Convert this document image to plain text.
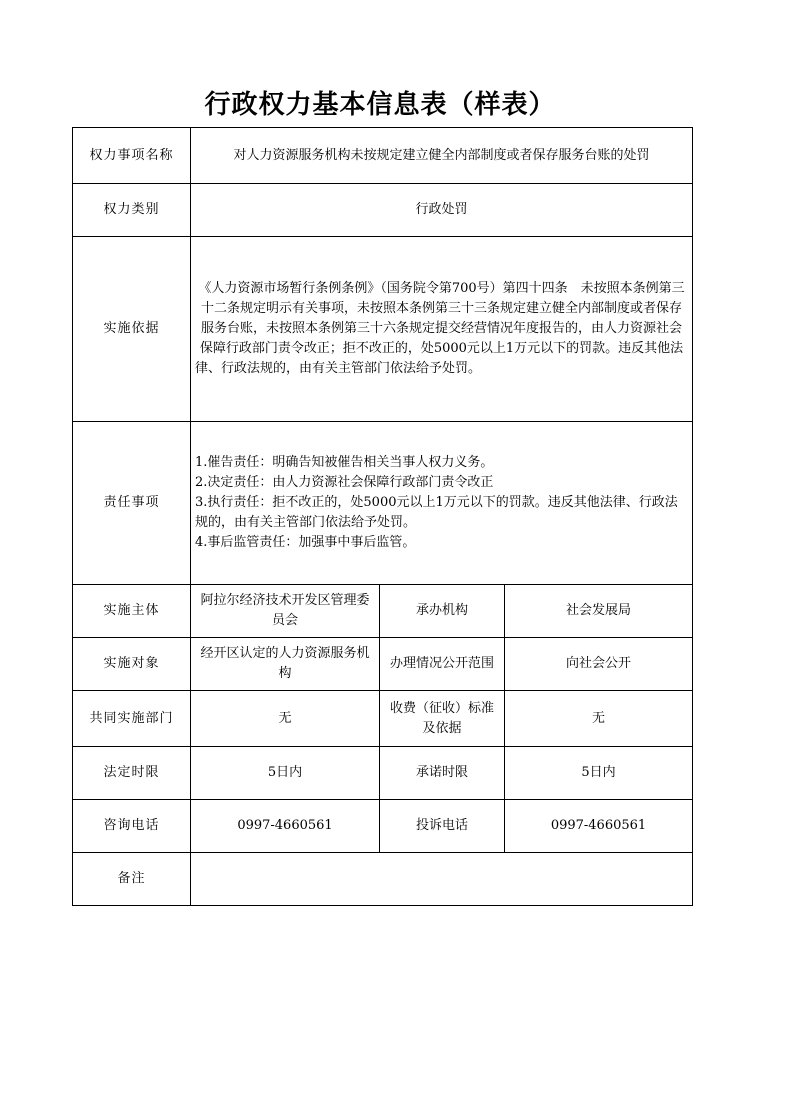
行政权力基本信息表（样表）
权力事项名称	对人力资源服务机构未按规定建立健全内部制度或者保存服务台账的处罚		
权力类别	行政处罚		
实施依据	《人力资源市场暂行条例条例》（国务院令第700号）第四十四条　未按照本条例第三十二条规定明示有关事项，未按照本条例第三十三条规定建立健全内部制度或者保存服务台账，未按照本条例第三十六条规定提交经营情况年度报告的，由人力资源社会保障行政部门责令改正；拒不改正的，处5000元以上1万元以下的罚款。违反其他法律、行政法规的，由有关主管部门依法给予处罚。		
责任事项	1.催告责任：明确告知被催告相关当事人权力义务。
2.决定责任：由人力资源社会保障行政部门责令改正
3.执行责任：拒不改正的，处5000元以上1万元以下的罚款。违反其他法律、行政法规的，由有关主管部门依法给予处罚。
4.事后监管责任：加强事中事后监管。		

实施主体	阿拉尔经济技术开发区管理委员会	承办机构	社会发展局
实施对象	经开区认定的人力资源服务机构	办理情况公开范围	向社会公开
共同实施部门	无	收费（征收）标准及依据	无
法定时限	5日内	承诺时限	5日内
咨询电话	0997-4660561	投诉电话	0997-4660561
备注			
